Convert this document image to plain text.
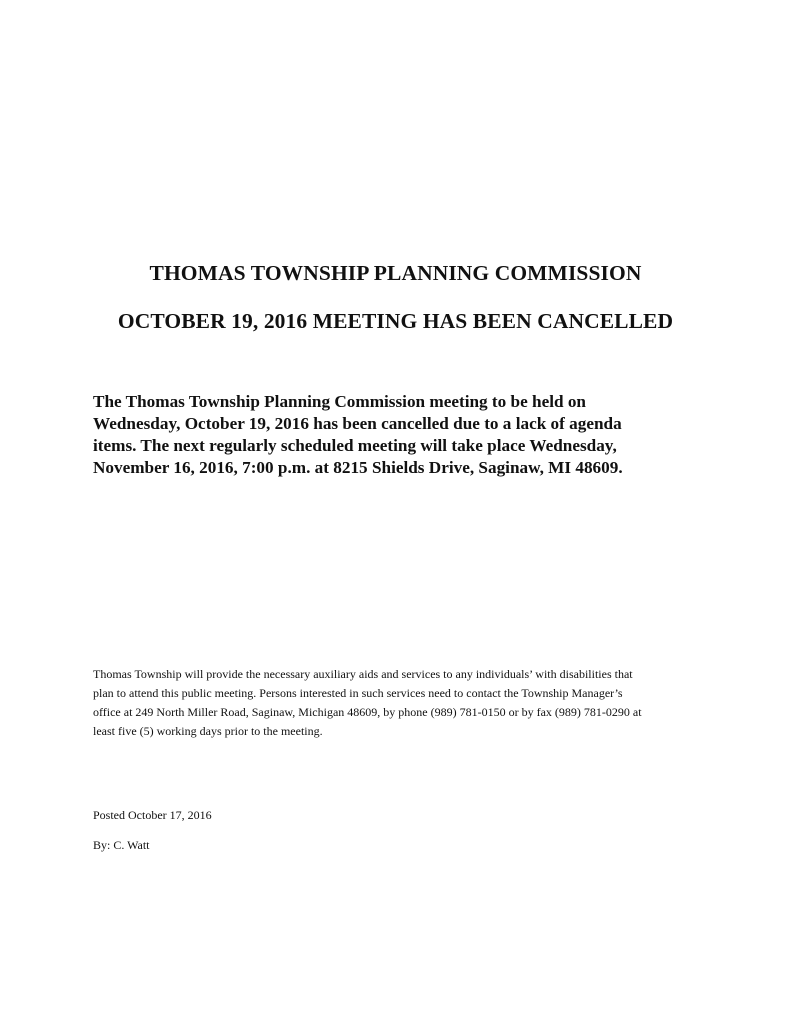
THOMAS TOWNSHIP PLANNING COMMISSION
OCTOBER 19, 2016 MEETING HAS BEEN CANCELLED
The Thomas Township Planning Commission meeting to be held on
Wednesday, October 19, 2016 has been cancelled due to a lack of agenda
items. The next regularly scheduled meeting will take place Wednesday,
November 16, 2016, 7:00 p.m. at 8215 Shields Drive, Saginaw, MI 48609.
Thomas Township will provide the necessary auxiliary aids and services to any individuals’ with disabilities that
plan to attend this public meeting. Persons interested in such services need to contact the Township Manager’s
office at 249 North Miller Road, Saginaw, Michigan 48609, by phone (989) 781-0150 or by fax (989) 781-0290 at
least five (5) working days prior to the meeting.
Posted October 17, 2016
By: C. Watt
